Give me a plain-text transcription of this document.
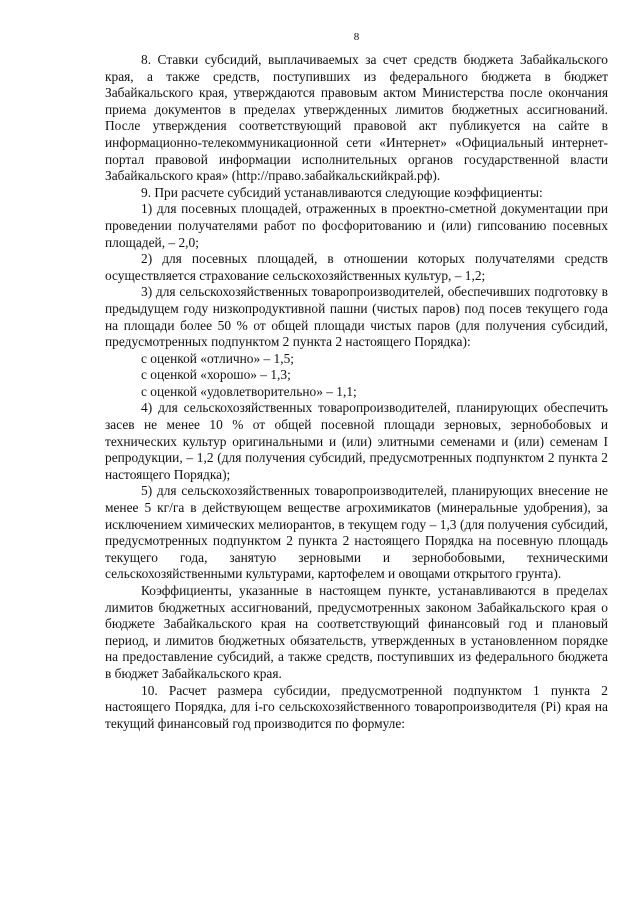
8

8. Ставки субсидий, выплачиваемых за счет средств бюджета Забайкальского края, а также средств, поступивших из федерального бюджета в бюджет Забайкальского края, утверждаются правовым актом Министерства после окончания приема документов в пределах утвержденных лимитов бюджетных ассигнований. После утверждения соответствующий правовой акт публикуется на сайте в информационно-телекоммуникационной сети «Интернет» «Официальный интернет-портал правовой информации исполнительных органов государственной власти Забайкальского края» (http://право.забайкальскийкрай.рф).

9. При расчете субсидий устанавливаются следующие коэффициенты:

1) для посевных площадей, отраженных в проектно-сметной документации при проведении получателями работ по фосфоритованию и (или) гипсованию посевных площадей, – 2,0;

2) для посевных площадей, в отношении которых получателями средств осуществляется страхование сельскохозяйственных культур, – 1,2;

3) для сельскохозяйственных товаропроизводителей, обеспечивших подготовку в предыдущем году низкопродуктивной пашни (чистых паров) под посев текущего года на площади более 50 % от общей площади чистых паров (для получения субсидий, предусмотренных подпунктом 2 пункта 2 настоящего Порядка):

с оценкой «отлично» – 1,5;

с оценкой «хорошо» – 1,3;

с оценкой «удовлетворительно» – 1,1;

4) для сельскохозяйственных товаропроизводителей, планирующих обеспечить засев не менее 10 % от общей посевной площади зерновых, зернобобовых и технических культур оригинальными и (или) элитными семенами и (или) семенам I репродукции, – 1,2 (для получения субсидий, предусмотренных подпунктом 2 пункта 2 настоящего Порядка);

5) для сельскохозяйственных товаропроизводителей, планирующих внесение не менее 5 кг/га в действующем веществе агрохимикатов (минеральные удобрения), за исключением химических мелиорантов, в текущем году – 1,3 (для получения субсидий, предусмотренных подпунктом 2 пункта 2 настоящего Порядка на посевную площадь текущего года, занятую зерновыми и зернобобовыми, техническими сельскохозяйственными культурами, картофелем и овощами открытого грунта).

Коэффициенты, указанные в настоящем пункте, устанавливаются в пределах лимитов бюджетных ассигнований, предусмотренных законом Забайкальского края о бюджете Забайкальского края на соответствующий финансовый год и плановый период, и лимитов бюджетных обязательств, утвержденных в установленном порядке на предоставление субсидий, а также средств, поступивших из федерального бюджета в бюджет Забайкальского края.

10. Расчет размера субсидии, предусмотренной подпунктом 1 пункта 2 настоящего Порядка, для i-го сельскохозяйственного товаропроизводителя (Pi) края на текущий финансовый год производится по формуле:
